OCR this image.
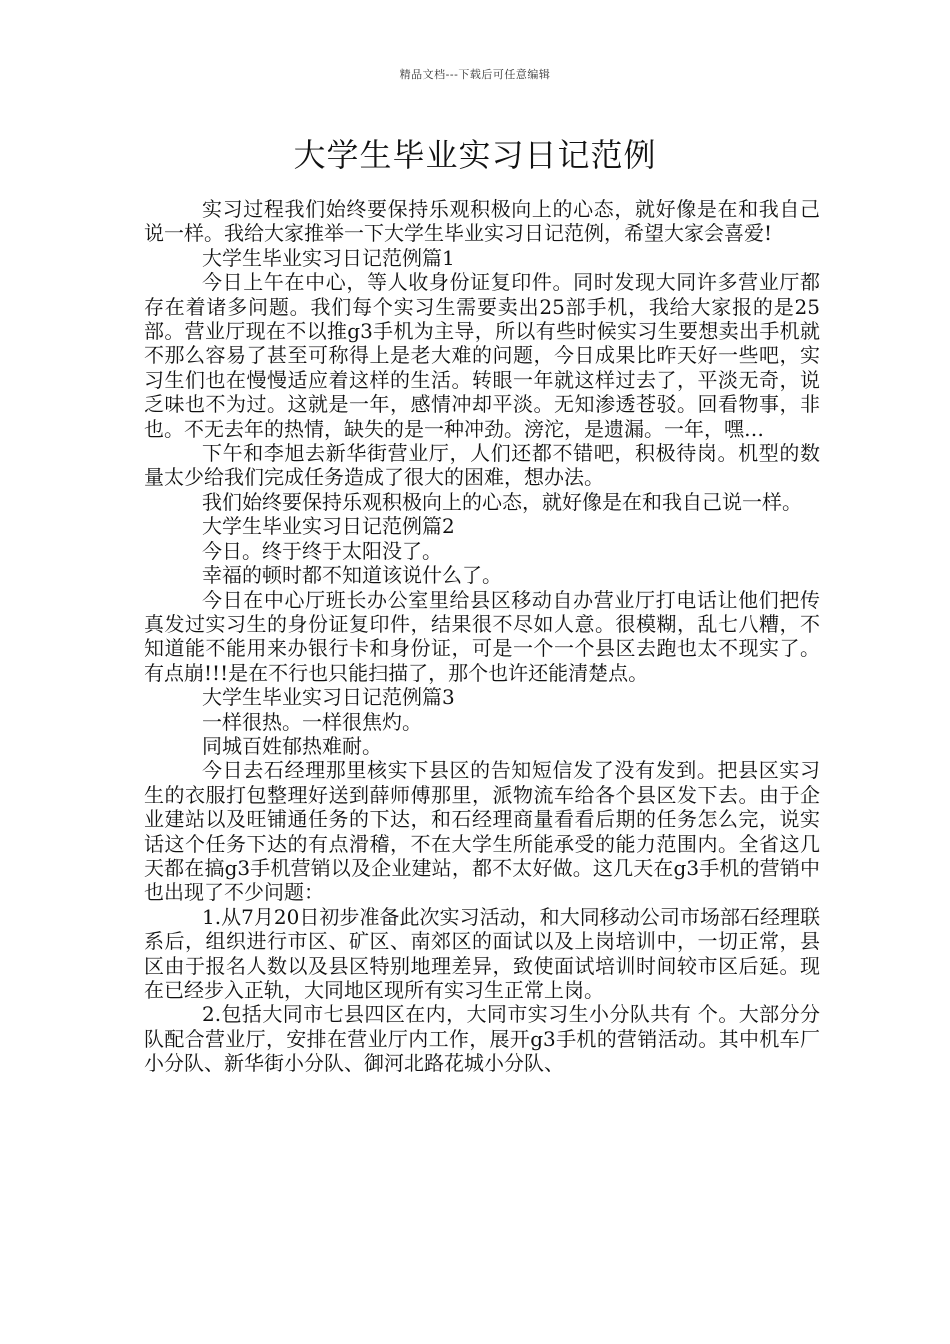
精品文档---下载后可任意编辑
大学生毕业实习日记范例

实习过程我们始终要保持乐观积极向上的心态，就好像是在和我自己说一样。我给大家推举一下大学生毕业实习日记范例，希望大家会喜爱!

大学生毕业实习日记范例篇1

今日上午在中心，等人收身份证复印件。同时发现大同许多营业厅都存在着诸多问题。我们每个实习生需要卖出25部手机，我给大家报的是25部。营业厅现在不以推g3手机为主导，所以有些时候实习生要想卖出手机就不那么容易了甚至可称得上是老大难的问题，今日成果比昨天好一些吧，实习生们也在慢慢适应着这样的生活。转眼一年就这样过去了，平淡无奇，说乏味也不为过。这就是一年，感情冲却平淡。无知渗透苍驳。回看物事，非也。不无去年的热情，缺失的是一种冲劲。滂沱，是遗漏。一年，嘿…

下午和李旭去新华街营业厅，人们还都不错吧，积极待岗。机型的数量太少给我们完成任务造成了很大的困难，想办法。

我们始终要保持乐观积极向上的心态，就好像是在和我自己说一样。

大学生毕业实习日记范例篇2

今日。终于终于太阳没了。

幸福的顿时都不知道该说什么了。

今日在中心厅班长办公室里给县区移动自办营业厅打电话让他们把传真发过实习生的身份证复印件，结果很不尽如人意。很模糊，乱七八糟，不知道能不能用来办银行卡和身份证，可是一个一个县区去跑也太不现实了。有点崩!!!是在不行也只能扫描了，那个也许还能清楚点。

大学生毕业实习日记范例篇3

一样很热。一样很焦灼。

同城百姓郁热难耐。

今日去石经理那里核实下县区的告知短信发了没有发到。把县区实习生的衣服打包整理好送到薛师傅那里，派物流车给各个县区发下去。由于企业建站以及旺铺通任务的下达，和石经理商量看看后期的任务怎么完，说实话这个任务下达的有点滑稽，不在大学生所能承受的能力范围内。全省这几天都在搞g3手机营销以及企业建站，都不太好做。这几天在g3手机的营销中也出现了不少问题：

1.从7月20日初步准备此次实习活动，和大同移动公司市场部石经理联系后，组织进行市区、矿区、南郊区的面试以及上岗培训中，一切正常，县区由于报名人数以及县区特别地理差异，致使面试培训时间较市区后延。现在已经步入正轨，大同地区现所有实习生正常上岗。

2.包括大同市七县四区在内，大同市实习生小分队共有 个。大部分分队配合营业厅，安排在营业厅内工作，展开g3手机的营销活动。其中机车厂小分队、新华街小分队、御河北路花城小分队、
